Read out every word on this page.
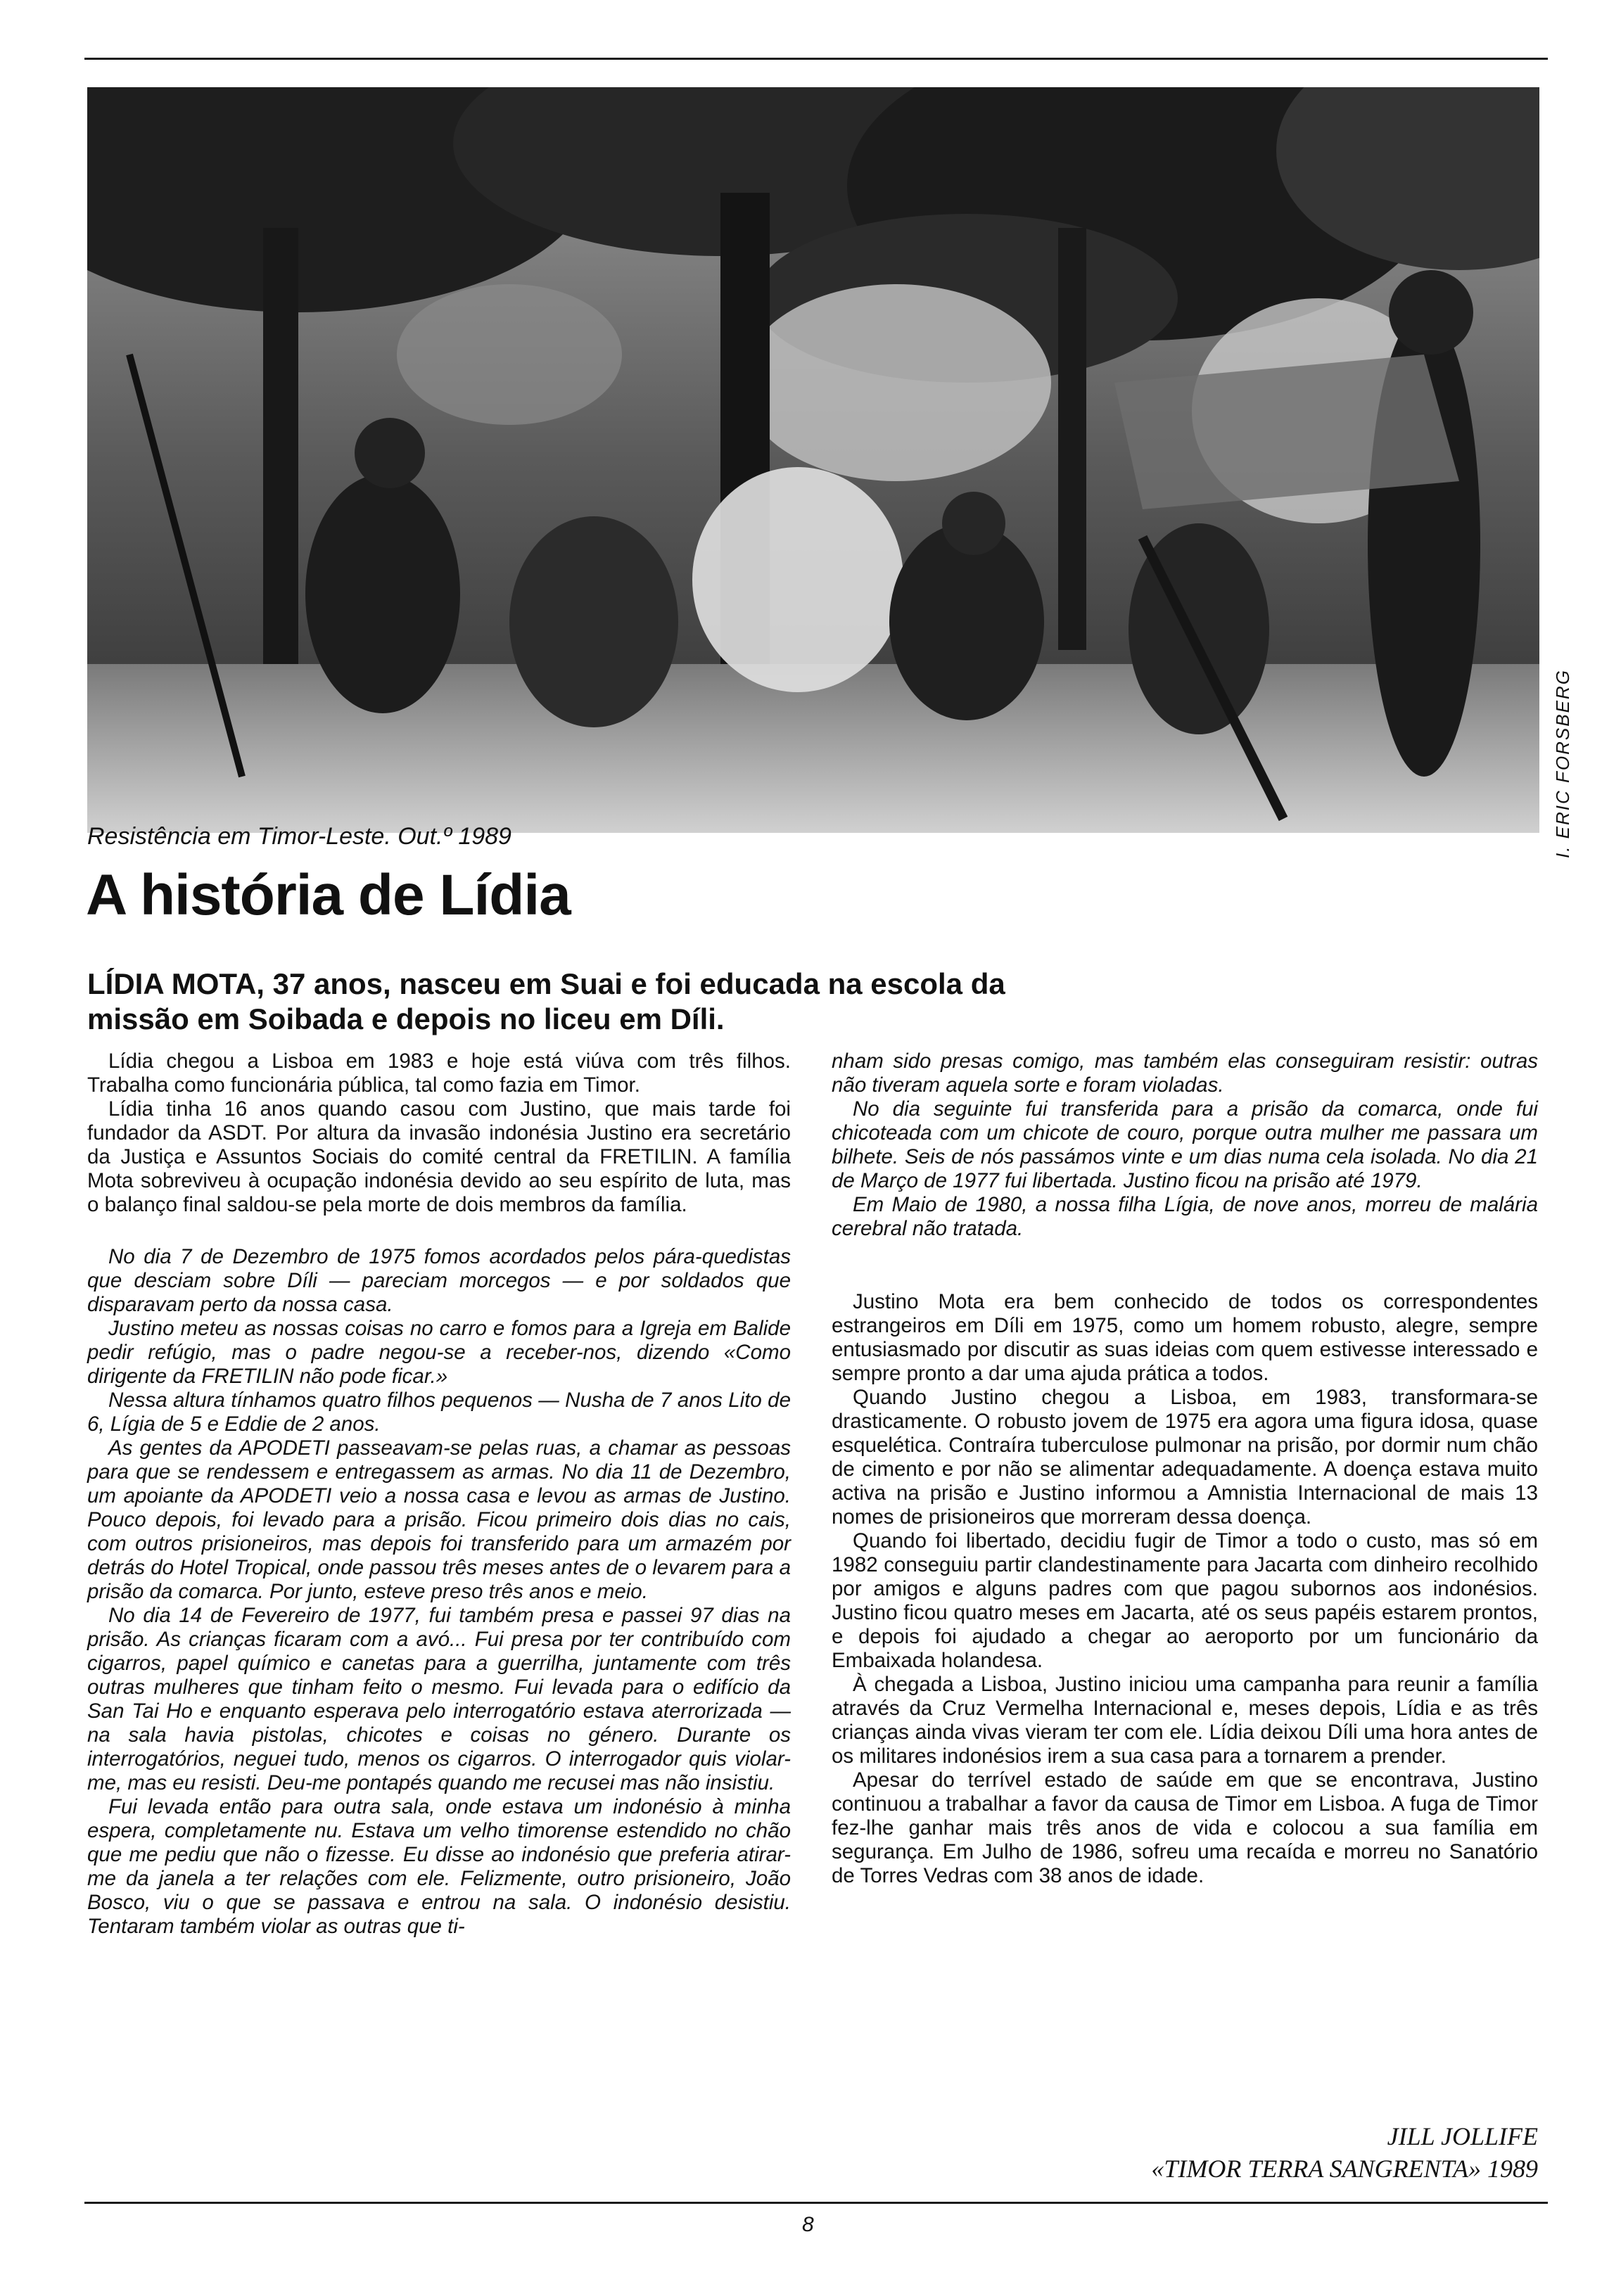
I. ERIC FORSBERG
Resistência em Timor-Leste. Out.º 1989
A história de Lídia

LÍDIA MOTA, 37 anos, nasceu em Suai e foi educada na escola da missão em Soibada e depois no liceu em Díli.

Lídia chegou a Lisboa em 1983 e hoje está viúva com três filhos. Trabalha como funcionária pública, tal como fazia em Timor.

Lídia tinha 16 anos quando casou com Justino, que mais tarde foi fundador da ASDT. Por altura da invasão indonésia Justino era secretário da Justiça e Assuntos Sociais do comité central da FRETILIN. A família Mota sobreviveu à ocupação indonésia devido ao seu espírito de luta, mas o balanço final saldou-se pela morte de dois membros da família.

No dia 7 de Dezembro de 1975 fomos acordados pelos pára-quedistas que desciam sobre Díli — pareciam morcegos — e por soldados que disparavam perto da nossa casa.

Justino meteu as nossas coisas no carro e fomos para a Igreja em Balide pedir refúgio, mas o padre negou-se a receber-nos, dizendo «Como dirigente da FRETILIN não pode ficar.»

Nessa altura tínhamos quatro filhos pequenos — Nusha de 7 anos Lito de 6, Lígia de 5 e Eddie de 2 anos.

As gentes da APODETI passeavam-se pelas ruas, a chamar as pessoas para que se rendessem e entregassem as armas. No dia 11 de Dezembro, um apoiante da APODETI veio a nossa casa e levou as armas de Justino. Pouco depois, foi levado para a prisão. Ficou primeiro dois dias no cais, com outros prisioneiros, mas depois foi transferido para um armazém por detrás do Hotel Tropical, onde passou três meses antes de o levarem para a prisão da comarca. Por junto, esteve preso três anos e meio.

No dia 14 de Fevereiro de 1977, fui também presa e passei 97 dias na prisão. As crianças ficaram com a avó... Fui presa por ter contribuído com cigarros, papel químico e canetas para a guerrilha, juntamente com três outras mulheres que tinham feito o mesmo. Fui levada para o edifício da San Tai Ho e enquanto esperava pelo interrogatório estava aterrorizada — na sala havia pistolas, chicotes e coisas no género. Durante os interrogatórios, neguei tudo, menos os cigarros. O interrogador quis violar-me, mas eu resisti. Deu-me pontapés quando me recusei mas não insistiu.

Fui levada então para outra sala, onde estava um indonésio à minha espera, completamente nu. Estava um velho timorense estendido no chão que me pediu que não o fizesse. Eu disse ao indonésio que preferia atirar-me da janela a ter relações com ele. Felizmente, outro prisioneiro, João Bosco, viu o que se passava e entrou na sala. O indonésio desistiu. Tentaram também violar as outras que ti-

nham sido presas comigo, mas também elas conseguiram resistir: outras não tiveram aquela sorte e foram violadas.

No dia seguinte fui transferida para a prisão da comarca, onde fui chicoteada com um chicote de couro, porque outra mulher me passara um bilhete. Seis de nós passámos vinte e um dias numa cela isolada. No dia 21 de Março de 1977 fui libertada. Justino ficou na prisão até 1979.

Em Maio de 1980, a nossa filha Lígia, de nove anos, morreu de malária cerebral não tratada.

Justino Mota era bem conhecido de todos os correspondentes estrangeiros em Díli em 1975, como um homem robusto, alegre, sempre entusiasmado por discutir as suas ideias com quem estivesse interessado e sempre pronto a dar uma ajuda prática a todos.

Quando Justino chegou a Lisboa, em 1983, transformara-se drasticamente. O robusto jovem de 1975 era agora uma figura idosa, quase esquelética. Contraíra tuberculose pulmonar na prisão, por dormir num chão de cimento e por não se alimentar adequadamente. A doença estava muito activa na prisão e Justino informou a Amnistia Internacional de mais 13 nomes de prisioneiros que morreram dessa doença.

Quando foi libertado, decidiu fugir de Timor a todo o custo, mas só em 1982 conseguiu partir clandestinamente para Jacarta com dinheiro recolhido por amigos e alguns padres com que pagou subornos aos indonésios. Justino ficou quatro meses em Jacarta, até os seus papéis estarem prontos, e depois foi ajudado a chegar ao aeroporto por um funcionário da Embaixada holandesa.

À chegada a Lisboa, Justino iniciou uma campanha para reunir a família através da Cruz Vermelha Internacional e, meses depois, Lídia e as três crianças ainda vivas vieram ter com ele. Lídia deixou Díli uma hora antes de os militares indonésios irem a sua casa para a tornarem a prender.

Apesar do terrível estado de saúde em que se encontrava, Justino continuou a trabalhar a favor da causa de Timor em Lisboa. A fuga de Timor fez-lhe ganhar mais três anos de vida e colocou a sua família em segurança. Em Julho de 1986, sofreu uma recaída e morreu no Sanatório de Torres Vedras com 38 anos de idade.

JILL JOLLIFE
«TIMOR TERRA SANGRENTA» 1989
8
